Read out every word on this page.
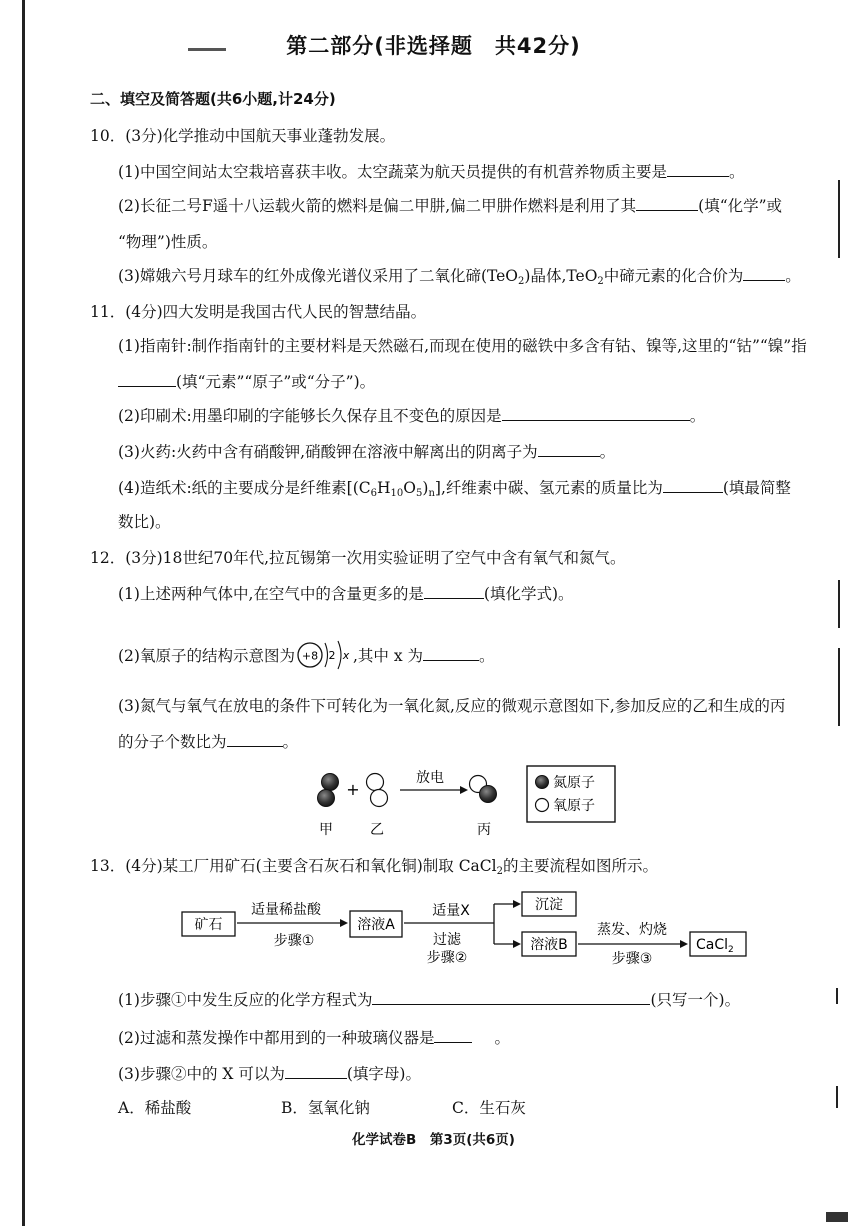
第二部分(非选择题　共42分)
二、填空及简答题(共6小题,计24分)
10．(3分)化学推动中国航天事业蓬勃发展。
(1)中国空间站太空栽培喜获丰收。太空蔬菜为航天员提供的有机营养物质主要是	。
(2)长征二号F遥十八运载火箭的燃料是偏二甲肼,偏二甲肼作燃料是利用了其	(填“化学”或
“物理”)性质。
(3)嫦娥六号月球车的红外成像光谱仪采用了二氧化碲(TeO$_2$)晶体,TeO$_2$中碲元素的化合价为	。
11．(4分)四大发明是我国古代人民的智慧结晶。
(1)指南针:制作指南针的主要材料是天然磁石,而现在使用的磁铁中多含有钴、镍等,这里的“钴”“镍”指
(填“元素”“原子”或“分子”)。
(2)印刷术:用墨印刷的字能够长久保存且不变色的原因是	。
(3)火药:火药中含有硝酸钾,硝酸钾在溶液中解离出的阴离子为	。
(4)造纸术:纸的主要成分是纤维素$[(C_6H_{10}O_5)_n]$,纤维素中碳、氢元素的质量比为	(填最简整
数比)。
12．(3分)18世纪70年代,拉瓦锡第一次用实验证明了空气中含有氧气和氮气。
(1)上述两种气体中,在空气中的含量更多的是	(填化学式)。
(2)氧原子的结构示意图为 +8 2 x ,其中 x 为	。
(3)氮气与氧气在放电的条件下可转化为一氧化氮,反应的微观示意图如下,参加反应的乙和生成的丙
的分子个数比为	。
+
放电
甲	乙	丙
氮原子
氧原子
13．(4分)某工厂用矿石(主要含石灰石和氧化铜)制取 CaCl$_2$的主要流程如图所示。
矿石
适量稀盐酸
步骤①
溶液A
适量X
过滤
步骤②
沉淀
溶液B
蒸发、灼烧
步骤③
CaCl$_2$
(1)步骤①中发生反应的化学方程式为	(只写一个)。
(2)过滤和蒸发操作中都用到的一种玻璃仪器是	。
(3)步骤②中的 X 可以为	(填字母)。
A．稀盐酸	B．氢氧化钠	C．生石灰
化学试卷B　第3页(共6页)
